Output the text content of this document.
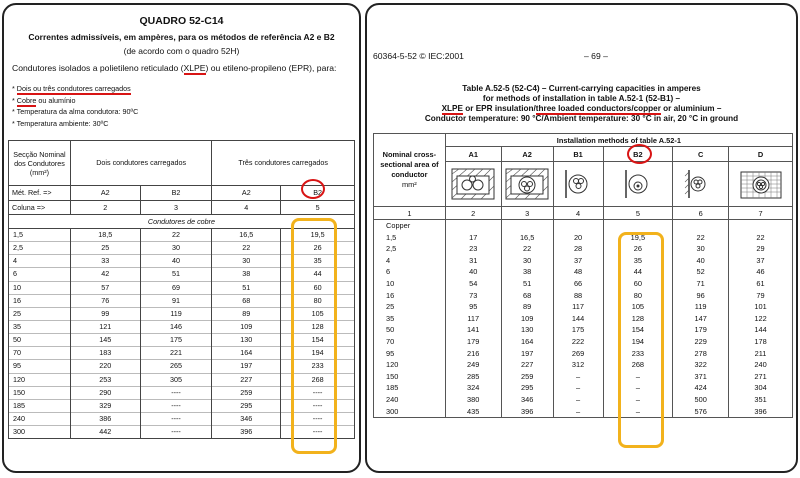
QUADRO 52-C14
Correntes admissíveis, em ampères, para os métodos de referência A2 e B2
(de acordo com o quadro 52H)
Condutores isolados a polietileno reticulado (XLPE) ou etileno-propileno (EPR), para:
* Dois ou três condutores carregados
* Cobre ou alumínio
* Temperatura da alma condutora: 90ºC
* Temperatura ambiente: 30ºC
Secção Nominal dos Condutores (mm²)	Dois condutores carregados		Três condutores carregados	
Mét. Ref. =>	A2	B2	A2	B2
Coluna =>	2	3	4	5
Condutores de cobre				
1,5	18,5	22	16,5	19,5
2,5	25	30	22	26
4	33	40	30	35
6	42	51	38	44
10	57	69	51	60
16	76	91	68	80
25	99	119	89	105
35	121	146	109	128
50	145	175	130	154
70	183	221	164	194
95	220	265	197	233
120	253	305	227	268
150	290	----	259	----
185	329	----	295	----
240	386	----	346	----
300	442	----	396	----
60364-5-52 © IEC:2001	– 69 –
Table A.52-5 (52-C4) – Current-carrying capacities in amperes
for methods of installation in table A.52-1 (52-B1) –
XLPE or EPR insulation/three loaded conductors/copper or aluminium –
Conductor temperature: 90 °C/Ambient temperature: 30 °C in air, 20 °C in ground
Nominal cross-sectional area of conductor
mm²	Installation methods of table A.52-1					
	A1	A2	B1	B2	C	D

1	2	3	4	5	6	7
Copper						
1,5	17	16,5	20	19,5	22	22
2,5	23	22	28	26	30	29
4	31	30	37	35	40	37
6	40	38	48	44	52	46
10	54	51	66	60	71	61
16	73	68	88	80	96	79
25	95	89	117	105	119	101
35	117	109	144	128	147	122
50	141	130	175	154	179	144
70	179	164	222	194	229	178
95	216	197	269	233	278	211
120	249	227	312	268	322	240
150	285	259	–	–	371	271
185	324	295	–	–	424	304
240	380	346	–	–	500	351
300	435	396	–	–	576	396
